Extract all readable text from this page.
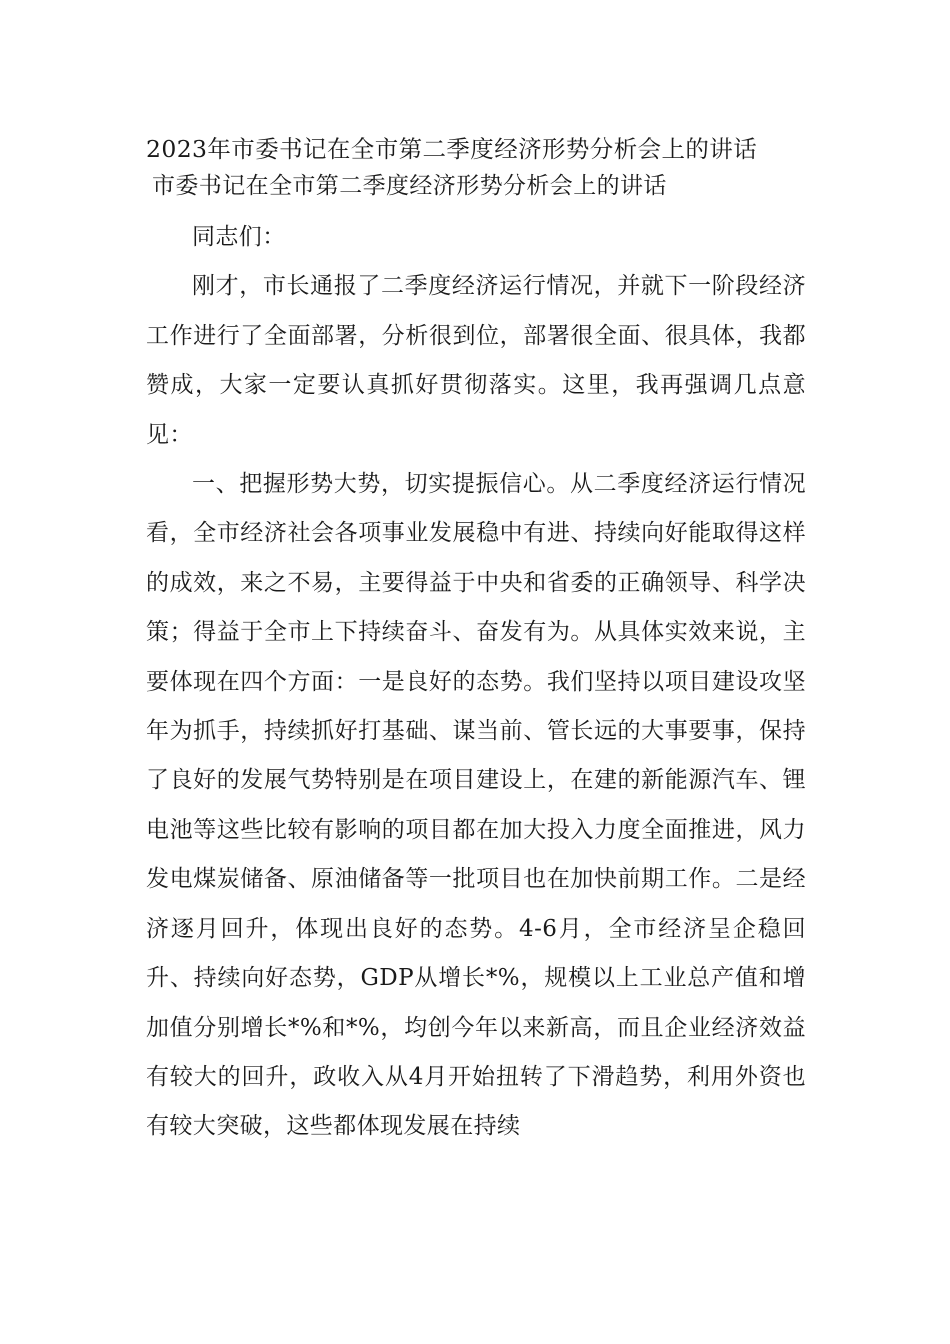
2023年市委书记在全市第二季度经济形势分析会上的讲话
市委书记在全市第二季度经济形势分析会上的讲话

同志们：

刚才，市长通报了二季度经济运行情况，并就下一阶段经济工作进行了全面部署，分析很到位，部署很全面、很具体，我都赞成，大家一定要认真抓好贯彻落实。这里，我再强调几点意见：

一、把握形势大势，切实提振信心。从二季度经济运行情况看，全市经济社会各项事业发展稳中有进、持续向好能取得这样的成效，来之不易，主要得益于中央和省委的正确领导、科学决策；得益于全市上下持续奋斗、奋发有为。从具体实效来说，主要体现在四个方面：一是良好的态势。我们坚持以项目建设攻坚年为抓手，持续抓好打基础、谋当前、管长远的大事要事，保持了良好的发展气势特别是在项目建设上，在建的新能源汽车、锂电池等这些比较有影响的项目都在加大投入力度全面推进，风力发电煤炭储备、原油储备等一批项目也在加快前期工作。二是经济逐月回升，体现出良好的态势。4-6月，全市经济呈企稳回升、持续向好态势，GDP从增长*%，规模以上工业总产值和增加值分别增长*%和*%，均创今年以来新高，而且企业经济效益有较大的回升，政收入从4月开始扭转了下滑趋势，利用外资也有较大突破，这些都体现发展在持续
